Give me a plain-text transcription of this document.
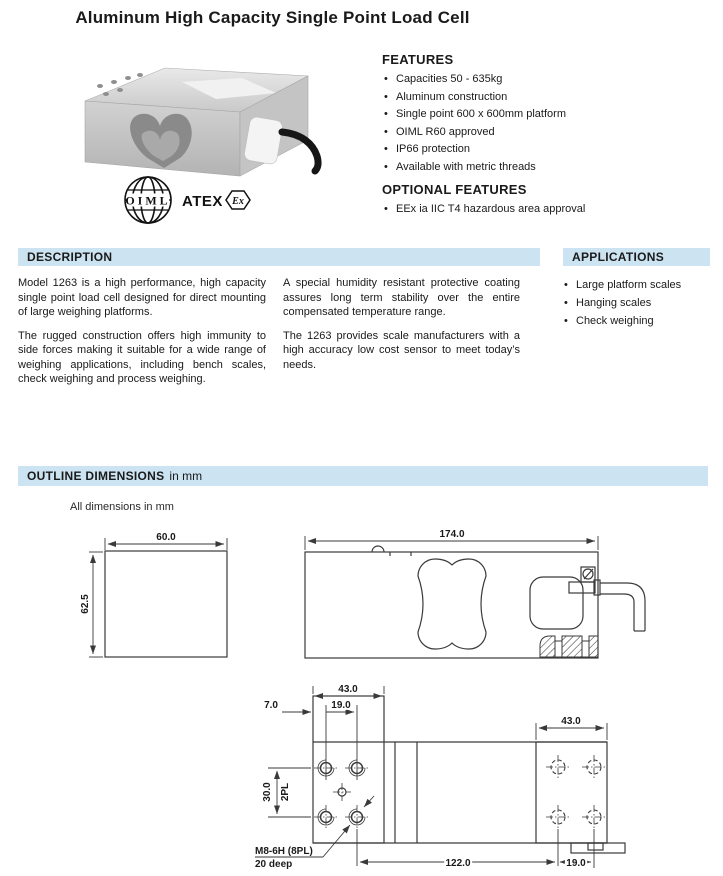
Aluminum High Capacity Single Point Load Cell
OIML ATEX Ex
FEATURES
• Capacities 50 - 635kg
• Aluminum construction
• Single point 600 x 600mm platform
• OIML R60 approved
• IP66 protection
• Available with metric threads
OPTIONAL FEATURES
• EEx ia IIC T4 hazardous area approval
DESCRIPTION	APPLICATIONS

Model 1263 is a high performance, high capacity single point load cell designed for direct mounting of large weighing platforms.

The rugged construction offers high immunity to side forces making it suitable for a wide range of weighing applications, including bench scales, check weighing and process weighing.

A special humidity resistant protective coating assures long term stability over the entire compensated temperature range.

The 1263 provides scale manufacturers with a high accuracy low cost sensor to meet today’s needs.

• Large platform scales
• Hanging scales
• Check weighing
OUTLINE DIMENSIONS in mm
All dimensions in mm
60.0
62.5
174.0
43.0
7.0	19.0
30.0 2PL
43.0
122.0	19.0
M8-6H (8PL)
20 deep
